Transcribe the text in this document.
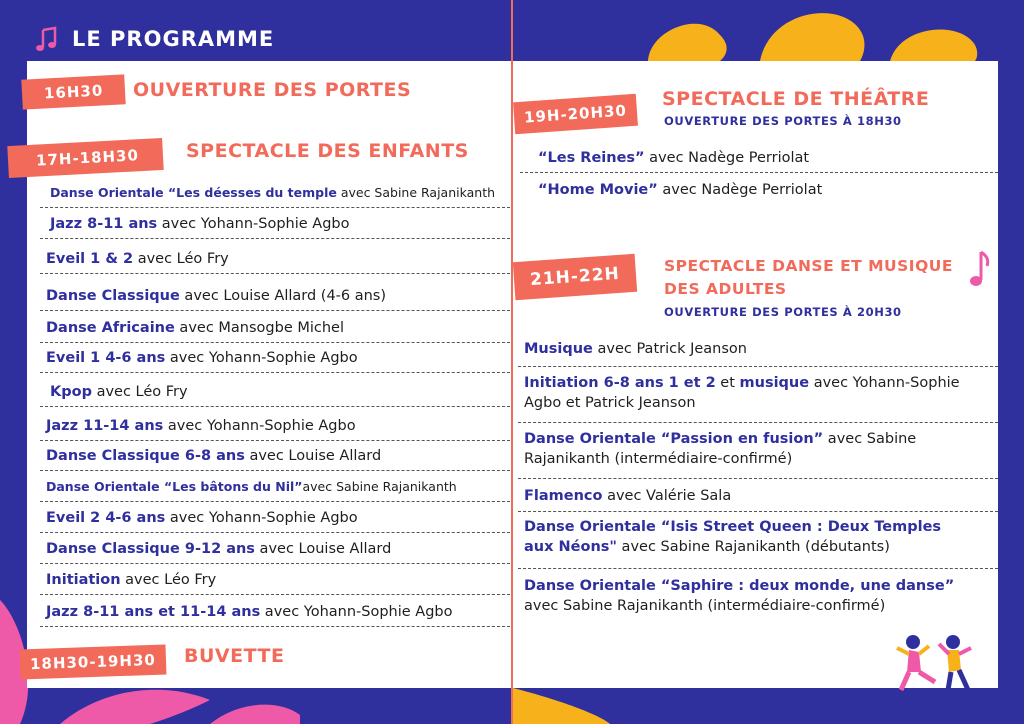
LE PROGRAMME
16H30	OUVERTURE DES PORTES
17H-18H30	SPECTACLE DES ENFANTS
18H30-19H30	BUVETTE
19H-20H30
SPECTACLE DE THÉÂTRE
OUVERTURE DES PORTES À 18H30
21H-22H	SPECTACLE DANSE ET MUSIQUE
DES ADULTES
OUVERTURE DES PORTES À 20H30
Danse Orientale “Les déesses du temple avec Sabine Rajanikanth
Jazz 8-11 ans avec Yohann-Sophie Agbo
Eveil 1 & 2 avec Léo Fry
Danse Classique avec Louise Allard (4-6 ans)
Danse Africaine avec Mansogbe Michel
Eveil 1 4-6 ans avec Yohann-Sophie Agbo
Kpop avec Léo Fry
Jazz 11-14 ans avec Yohann-Sophie Agbo
Danse Classique 6-8 ans avec Louise Allard
Danse Orientale “Les bâtons du Nil”avec Sabine Rajanikanth
Eveil 2 4-6 ans avec Yohann-Sophie Agbo
Danse Classique 9-12 ans avec Louise Allard
Initiation avec Léo Fry
Jazz 8-11 ans et 11-14 ans avec Yohann-Sophie Agbo
“Les Reines” avec Nadège Perriolat
“Home Movie” avec Nadège Perriolat
Musique avec Patrick Jeanson
Initiation 6-8 ans 1 et 2 et musique avec Yohann-Sophie Agbo et Patrick Jeanson
Danse Orientale “Passion en fusion” avec Sabine Rajanikanth (intermédiaire-confirmé)
Flamenco avec Valérie Sala
Danse Orientale “Isis Street Queen : Deux Temples aux Néons" avec Sabine Rajanikanth (débutants)
Danse Orientale “Saphire : deux monde, une danse” avec Sabine Rajanikanth (intermédiaire-confirmé)
